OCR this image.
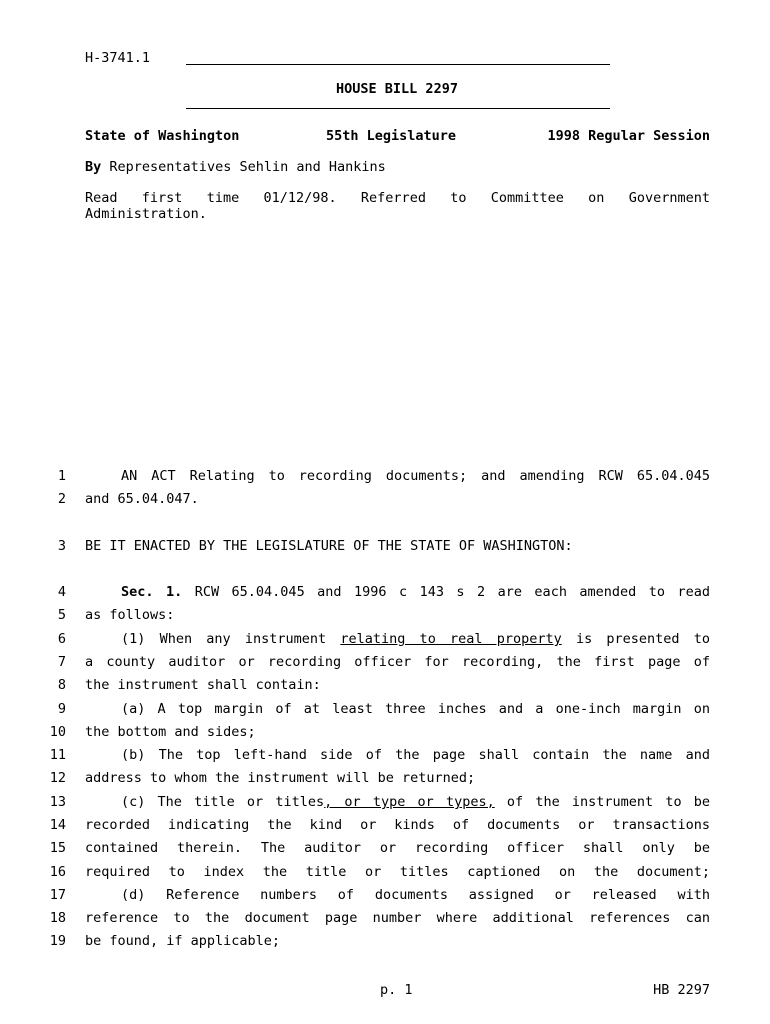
H-3741.1
HOUSE BILL 2297
State of Washington	55th Legislature	1998 Regular Session
By Representatives Sehlin and Hankins
Read first time 01/12/98. Referred to Committee on Government
Administration.
1
2
3
4
5
6
7
8
9
10
11
12
13
14
15
16
17
18
19
AN ACT Relating to recording documents; and amending RCW 65.04.045
and 65.04.047.
BE IT ENACTED BY THE LEGISLATURE OF THE STATE OF WASHINGTON:
Sec. 1. RCW 65.04.045 and 1996 c 143 s 2 are each amended to read
as follows:
(1) When any instrument relating to real property is presented to
a county auditor or recording officer for recording, the first page of
the instrument shall contain:
(a) A top margin of at least three inches and a one-inch margin on
the bottom and sides;
(b) The top left-hand side of the page shall contain the name and
address to whom the instrument will be returned;
(c) The title or titles, or type or types, of the instrument to be
recorded indicating the kind or kinds of documents or transactions
contained therein. The auditor or recording officer shall only be
required to index the title or titles captioned on the document;
(d) Reference numbers of documents assigned or released with
reference to the document page number where additional references can
be found, if applicable;
p. 1	HB 2297
